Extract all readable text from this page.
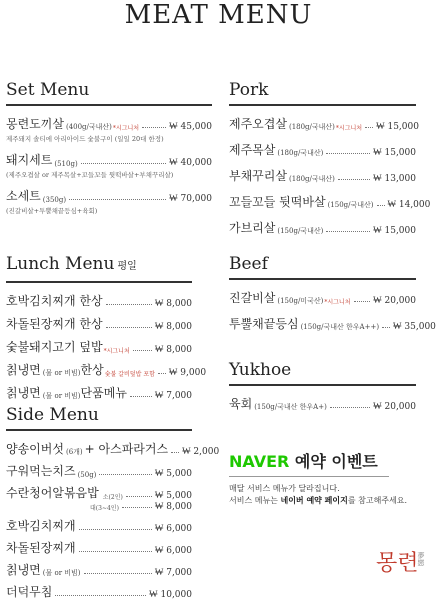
MEAT MENU
Set Menu
몽련도끼살 (400g/국내산) *시그니처	₩ 45,000
제주돼지 솔티에 아리아이드 숯불구이 (일일 20대 한정)
돼지세트 (510g)	₩ 40,000
(제주오겹살 or 제주목살+꼬들꼬들 뒷떡바살+부채꾸리살)
소세트 (350g)	₩ 70,000
(진갈비살+투뿔채끝등심+육회)
Lunch Menu 평일
호박김치찌개 한상	₩ 8,000
차돌된장찌개 한상	₩ 8,000
숯불돼지고기 덮밥 *시그니처	₩ 8,000
칡냉면 (물 or 비빔) 한상 숯불 갈비덮밥 포함 ₩ 9,000
칡냉면 (물 or 비빔) 단품메뉴	₩ 7,000
Side Menu
양송이버섯 (6개) + 아스파라거스 ₩ 2,000
구워먹는치즈 (50g)	₩ 5,000
수란청어알볶음밥 소(2인)	₩ 5,000
대(3~4인)	₩ 8,000
호박김치찌개	₩ 6,000
차돌된장찌개	₩ 6,000
칡냉면 (물 or 비빔)	₩ 7,000
더덕무침	₩ 10,000
Pork
제주오겹살 (180g/국내산) *시그니처 ₩ 15,000
제주목살 (180g/국내산)	₩ 15,000
부채꾸리살 (180g/국내산)	₩ 13,000
꼬들꼬들 뒷떡바살 (150g/국내산) ₩ 14,000
가브리살 (150g/국내산)	₩ 15,000
Beef
진갈비살 (150g/미국산) *시그니처	₩ 20,000
투뿔채끝등심 (150g/국내산 한우A++) ₩ 35,000
Yukhoe
육회 (150g/국내산 한우A+)	₩ 20,000
NAVER 예약 이벤트
매달 서비스 메뉴가 달라집니다.
서비스 메뉴는 네이버 예약 페이지를 참고해주세요.
몽련
夢戀
